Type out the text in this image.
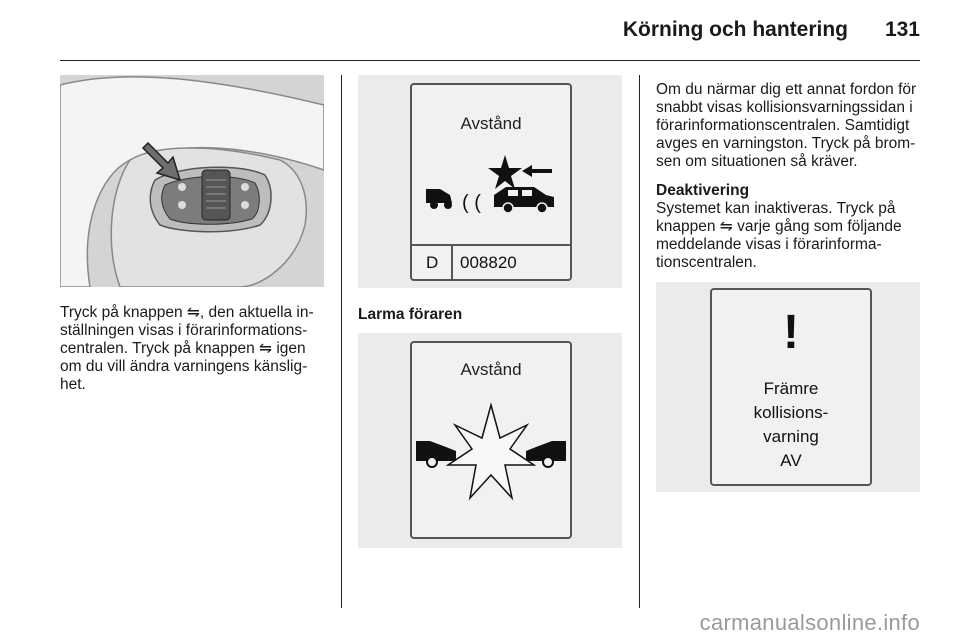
Körning och hantering 131
Tryck på knappen ⇋, den aktuella in-
ställningen visas i förarinformations-
centralen. Tryck på knappen ⇋ igen
om du vill ändra varningens känslig-
het.
Avstånd
( (
D 008820
Larma föraren
Avstånd
Om du närmar dig ett annat fordon för
snabbt visas kollisionsvarningssidan i
förarinformationscentralen. Samtidigt
avges en varningston. Tryck på brom-
sen om situationen så kräver.
Deaktivering
Systemet kan inaktiveras. Tryck på
knappen ⇋ varje gång som följande
meddelande visas i förarinforma-
tionscentralen.
!
Främre
kollisions-
varning
AV
carmanualsonline.info
